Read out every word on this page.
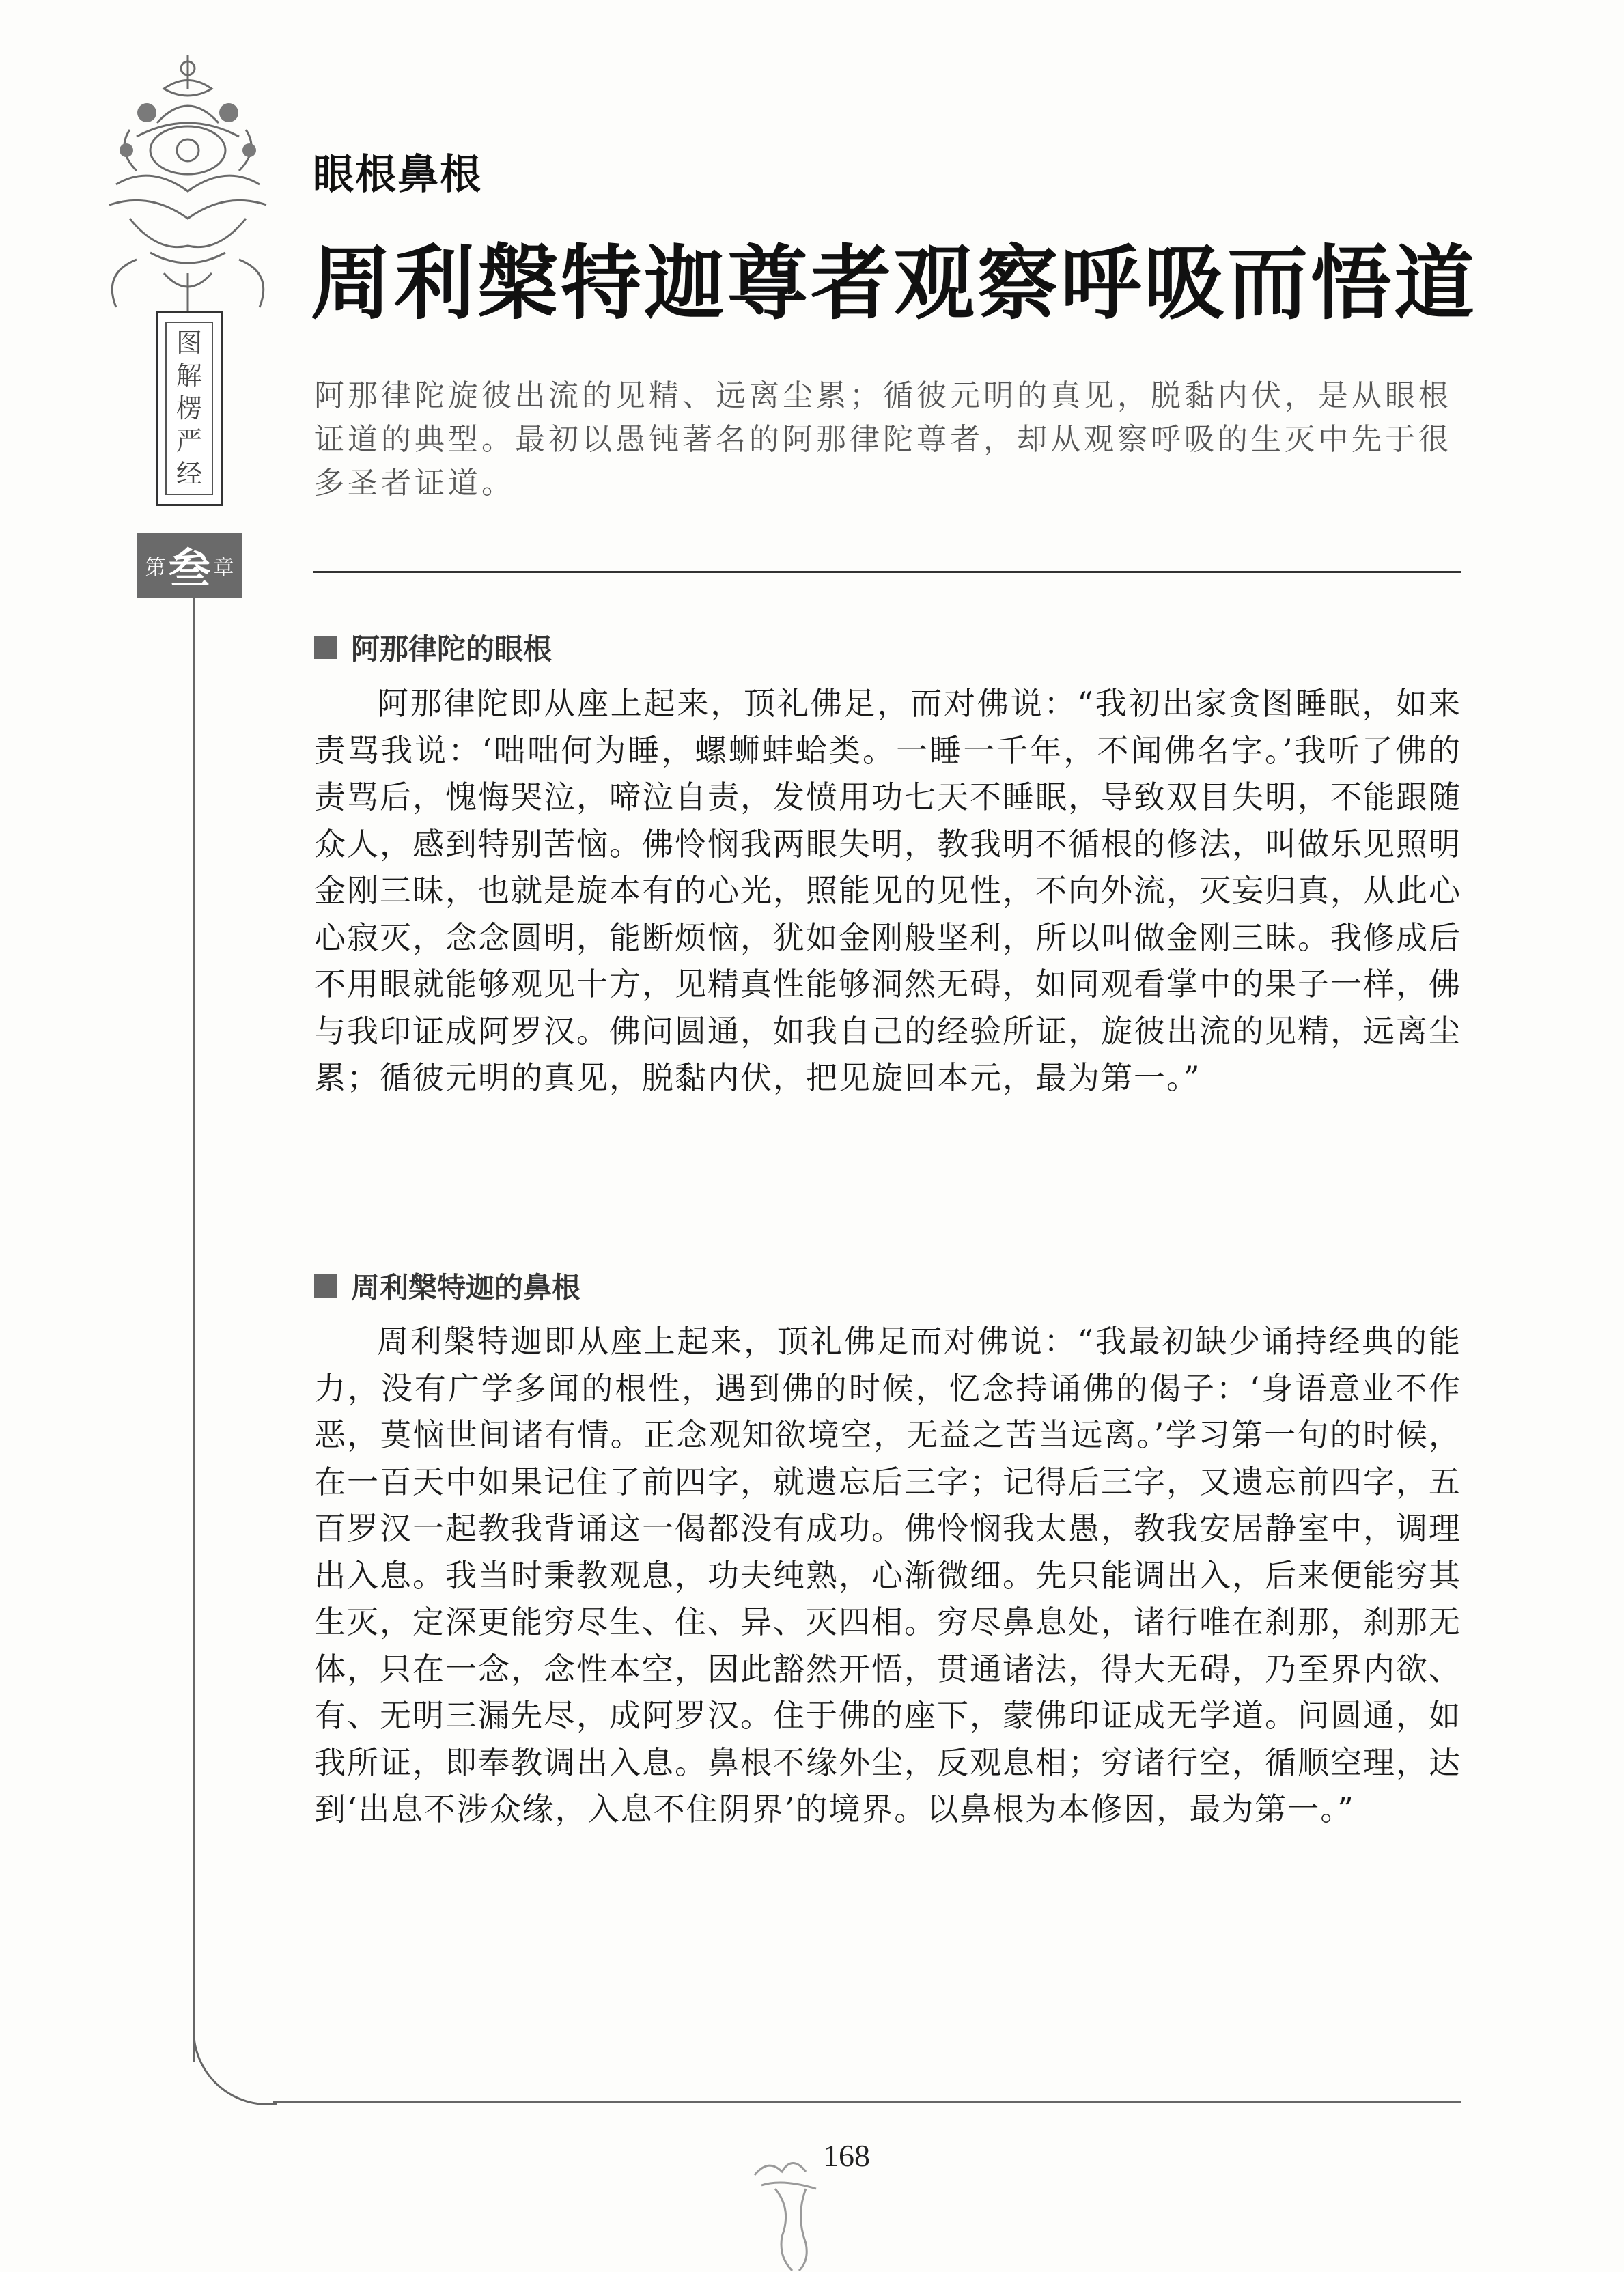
图
解
楞
严
经
第 叁 章
眼根鼻根
周利槃特迦尊者观察呼吸而悟道

阿那律陀旋彼出流的见精、远离尘累；循彼元明的真见，脱黏内伏，是从眼根证道的典型。最初以愚钝著名的阿那律陀尊者，却从观察呼吸的生灭中先于很多圣者证道。

阿那律陀的眼根

阿那律陀即从座上起来，顶礼佛足，而对佛说：“我初出家贪图睡眠，如来责骂我说：‘咄咄何为睡，螺蛳蚌蛤类。一睡一千年，不闻佛名字。’我听了佛的责骂后，愧悔哭泣，啼泣自责，发愤用功七天不睡眠，导致双目失明，不能跟随众人，感到特别苦恼。佛怜悯我两眼失明，教我明不循根的修法，叫做乐见照明金刚三昧，也就是旋本有的心光，照能见的见性，不向外流，灭妄归真，从此心心寂灭，念念圆明，能断烦恼，犹如金刚般坚利，所以叫做金刚三昧。我修成后不用眼就能够观见十方，见精真性能够洞然无碍，如同观看掌中的果子一样，佛与我印证成阿罗汉。佛问圆通，如我自己的经验所证，旋彼出流的见精，远离尘累；循彼元明的真见，脱黏内伏，把见旋回本元，最为第一。”

周利槃特迦的鼻根

周利槃特迦即从座上起来，顶礼佛足而对佛说：“我最初缺少诵持经典的能力，没有广学多闻的根性，遇到佛的时候，忆念持诵佛的偈子：‘身语意业不作恶，莫恼世间诸有情。正念观知欲境空，无益之苦当远离。’学习第一句的时候，在一百天中如果记住了前四字，就遗忘后三字；记得后三字，又遗忘前四字，五百罗汉一起教我背诵这一偈都没有成功。佛怜悯我太愚，教我安居静室中，调理出入息。我当时秉教观息，功夫纯熟，心渐微细。先只能调出入，后来便能穷其生灭，定深更能穷尽生、住、异、灭四相。穷尽鼻息处，诸行唯在刹那，刹那无体，只在一念，念性本空，因此豁然开悟，贯通诸法，得大无碍，乃至界内欲、有、无明三漏先尽，成阿罗汉。住于佛的座下，蒙佛印证成无学道。问圆通，如我所证，即奉教调出入息。鼻根不缘外尘，反观息相；穷诸行空，循顺空理，达到‘出息不涉众缘，入息不住阴界’的境界。以鼻根为本修因，最为第一。”

168
